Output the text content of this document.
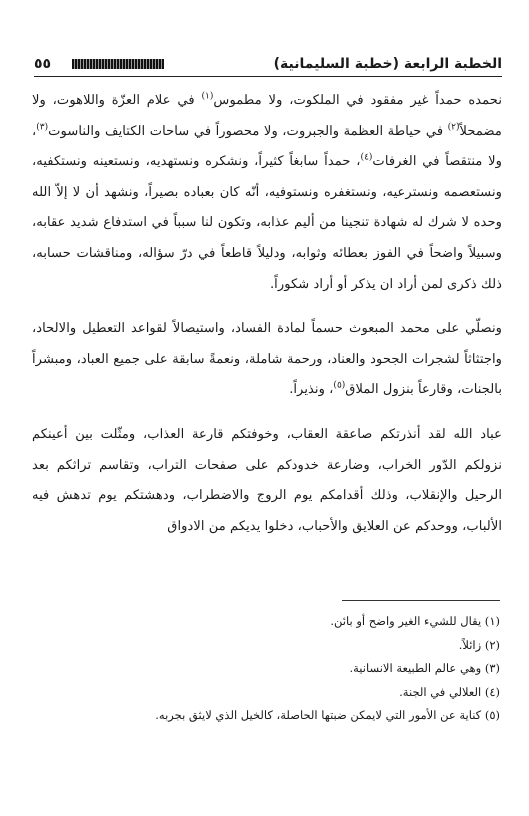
الخطبة الرابعة (خطبة السليمانية)
٥٥

نحمده حمداً غير مفقود في الملكوت، ولا مطموس$^{(١)}$ في علام العزّة واللاهوت، ولا مضمحلاً$^{(٢)}$ في حياطة العظمة والجبروت، ولا محصوراً في ساحات الكتايف والناسوت$^{(٣)}$، ولا منتقصاً في الغرفات$^{(٤)}$، حمداً سابغاً كثيراً، ونشكره ونستهديه، ونستعينه ونستكفيه، ونستعصمه ونسترعيه، ونستغفره ونستوفيه، أنّه كان بعباده بصيراً، ونشهد أن لا إلاّ الله وحده لا شرك له شهادة تنجينا من أليم عذابه، وتكون لنا سبباً في استدفاع شديد عقابه، وسبيلاً واضحاً في الفوز بعطائه وثوابه، ودليلاً قاطعاً في درّ سؤاله، ومناقشات حسابه، ذلك ذكرى لمن أراد ان يذكر أو أراد شكوراً.

ونصلّي على محمد المبعوث حسماً لمادة الفساد، واستيصالاً لقواعد التعطيل والالحاد، واجتثاثاً لشجرات الجحود والعناد، ورحمة شاملة، ونعمةً سابقة على جميع العباد، ومبشراً بالجنات، وقارعاً بنزول الملاق$^{(٥)}$، ونذيراً.

عباد الله لقد أنذرتكم صاعقة العقاب، وخوفتكم قارعة العذاب، ومثّلت بين أعينكم نزولكم الدّور الخراب، وضارعة خدودكم على صفحات التراب، وتقاسم تراثكم بعد الرحيل والإنقلاب، وذلك أقدامكم يوم الروج والاضطراب، ودهشتكم يوم تدهش فيه الألباب، ووحدكم عن العلايق والأحباب، دخلوا يديكم من الادواق

(١) يقال للشيء الغير واضح أو بائن.
(٢) زائلاً.
(٣) وهي عالم الطبيعة الانسانية.
(٤) العلالي في الجنة.
(٥) كناية عن الأمور التي لايمكن ضبتها الحاصلة، كالخيل الذي لايثق بجربه.
